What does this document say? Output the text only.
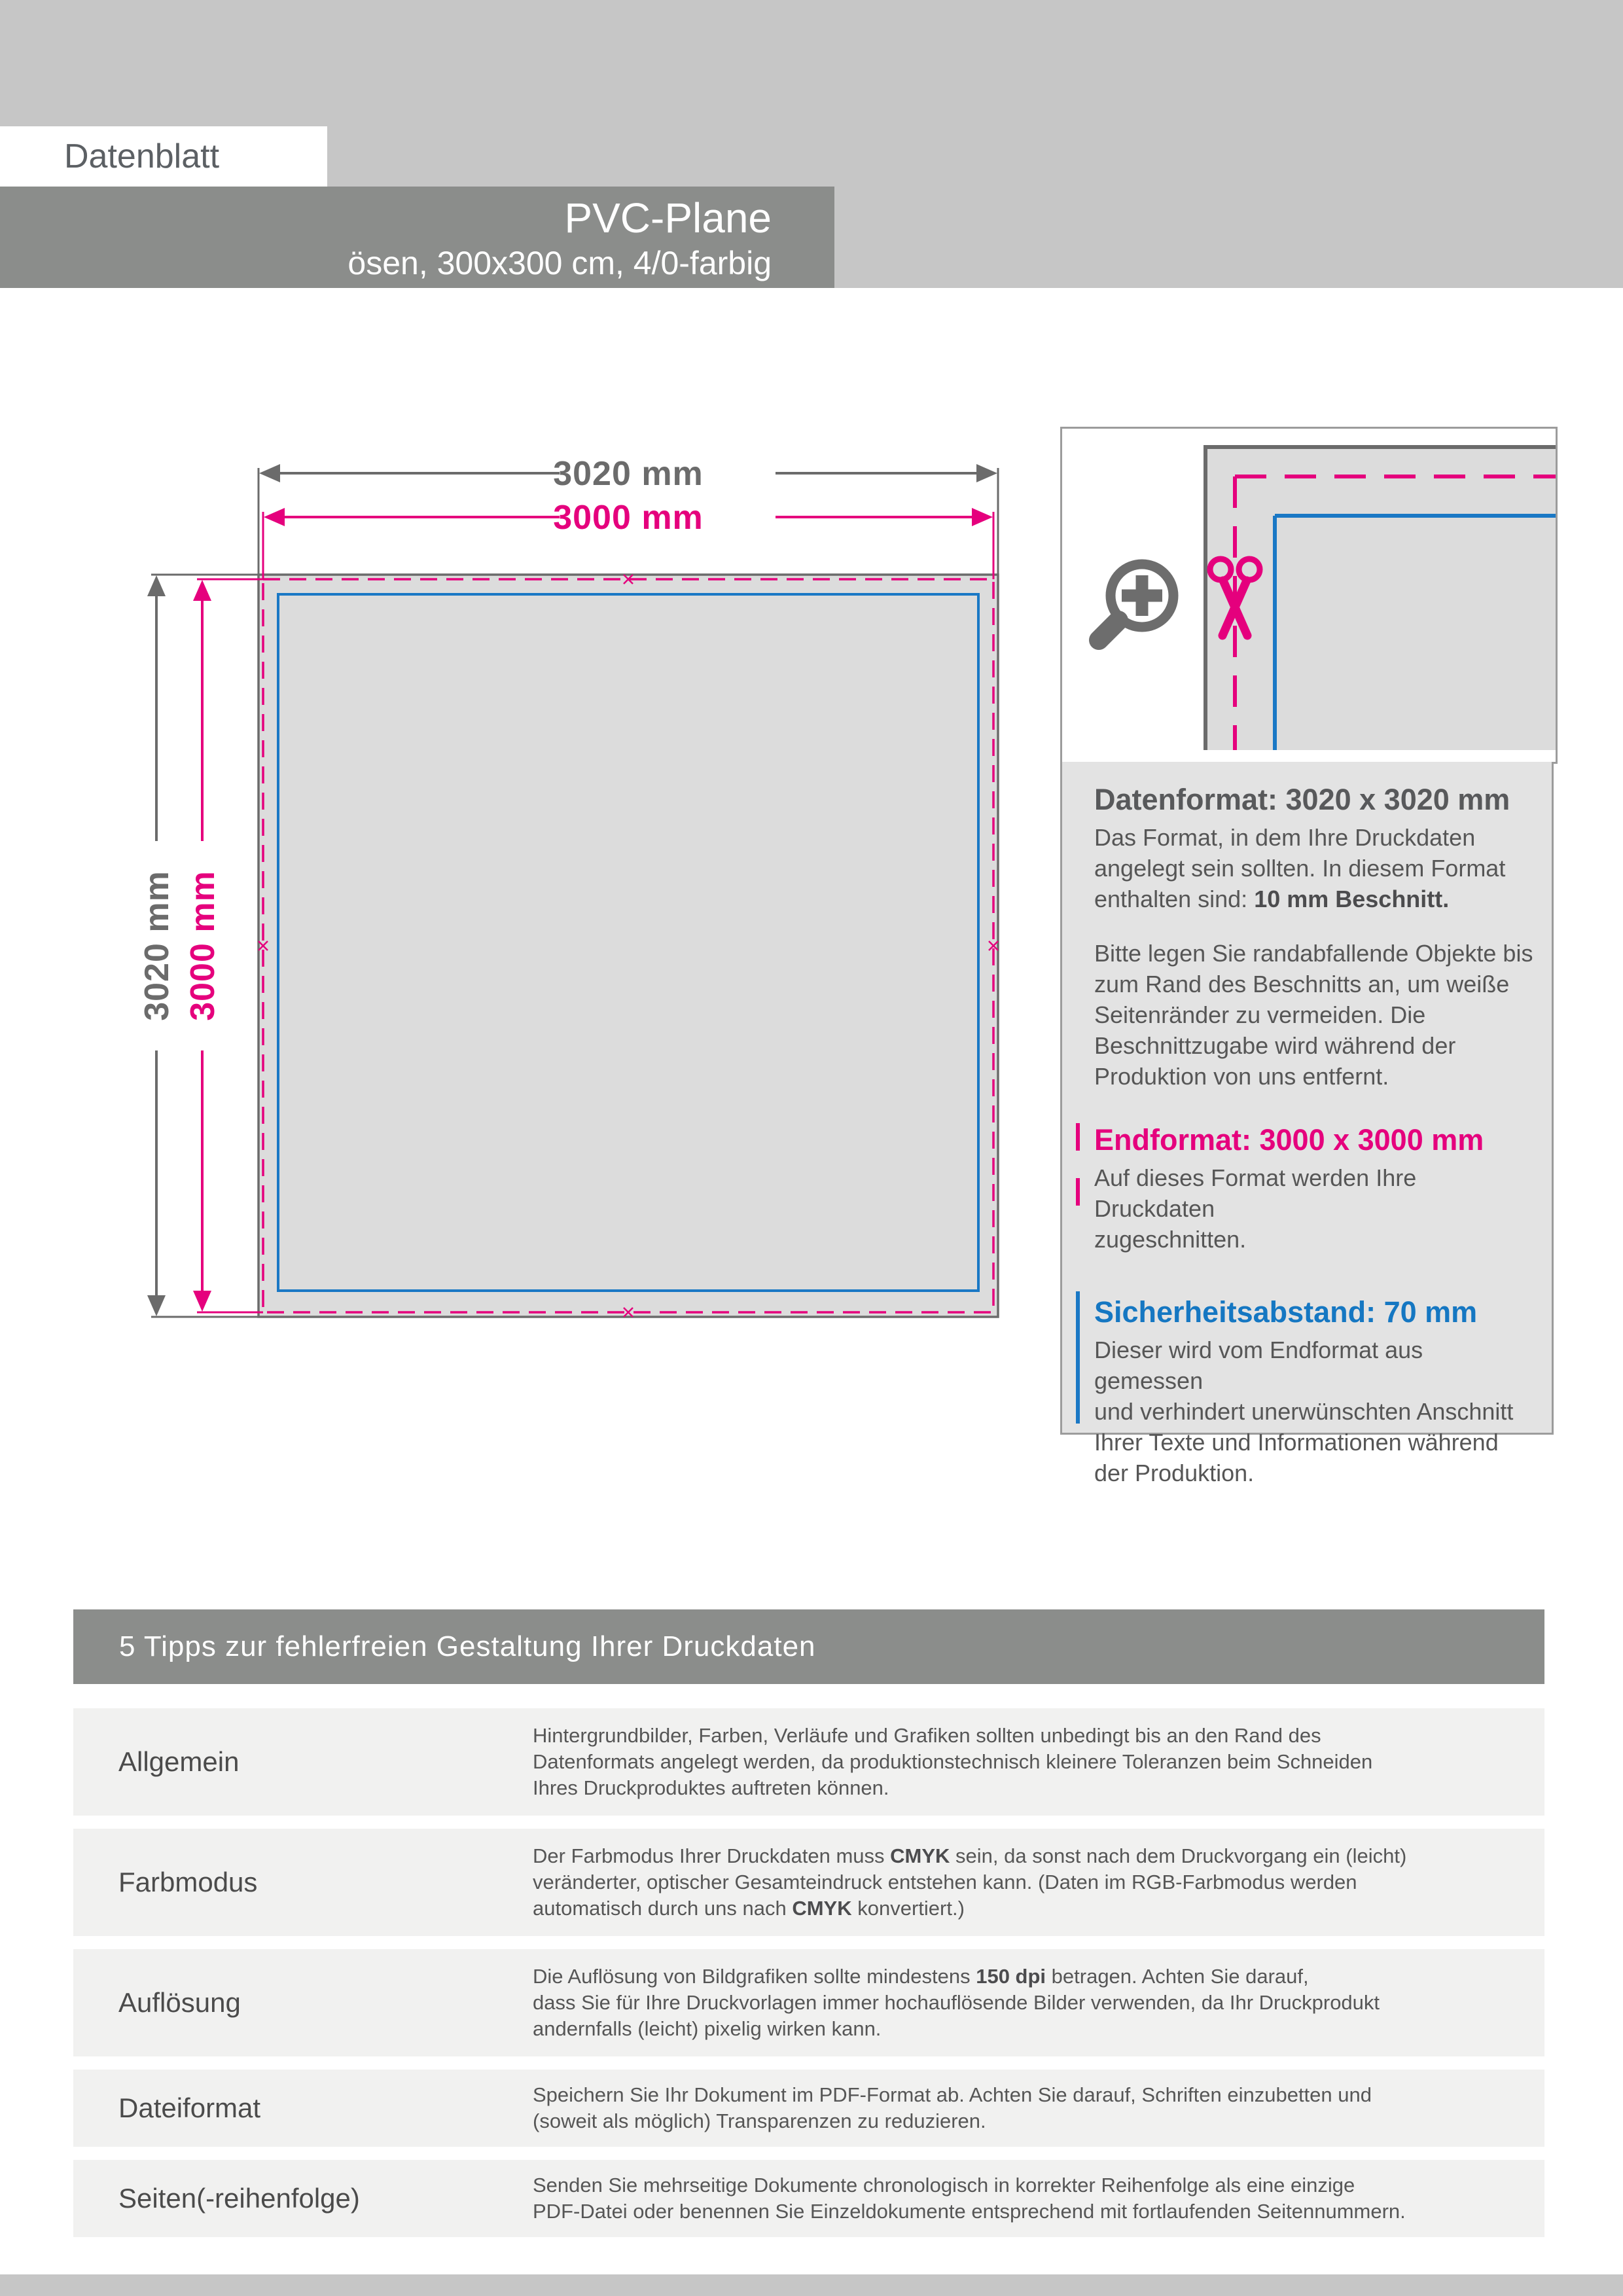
Datenblatt
PVC-Plane
ösen, 300x300 cm, 4/0-farbig
3020 mm
3000 mm
3020 mm 3000 mm
Datenformat: 3020 x 3020 mm
Das Format, in dem Ihre Druckdaten
angelegt sein sollten. In diesem Format
enthalten sind: 10 mm Beschnitt.
Bitte legen Sie randabfallende Objekte bis
zum Rand des Beschnitts an, um weiße
Seitenränder zu vermeiden. Die
Beschnittzugabe wird während der
Produktion von uns entfernt.
Endformat: 3000 x 3000 mm
Auf dieses Format werden Ihre Druckdaten
zugeschnitten.
Sicherheitsabstand: 70 mm
Dieser wird vom Endformat aus gemessen
und verhindert unerwünschten Anschnitt
Ihrer Texte und Informationen während
der Produktion.
5 Tipps zur fehlerfreien Gestaltung Ihrer Druckdaten
Allgemein
Hintergrundbilder, Farben, Verläufe und Grafiken sollten unbedingt bis an den Rand des
Datenformats angelegt werden, da produktionstechnisch kleinere Toleranzen beim Schneiden
Ihres Druckproduktes auftreten können.
Farbmodus
Der Farbmodus Ihrer Druckdaten muss CMYK sein, da sonst nach dem Druckvorgang ein (leicht)
veränderter, optischer Gesamteindruck entstehen kann. (Daten im RGB-Farbmodus werden
automatisch durch uns nach CMYK konvertiert.)
Auflösung
Die Auflösung von Bildgrafiken sollte mindestens 150 dpi betragen. Achten Sie darauf,
dass Sie für Ihre Druckvorlagen immer hochauflösende Bilder verwenden, da Ihr Druckprodukt
andernfalls (leicht) pixelig wirken kann.
Dateiformat	Speichern Sie Ihr Dokument im PDF-Format ab. Achten Sie darauf, Schriften einzubetten und
(soweit als möglich) Transparenzen zu reduzieren.
Seiten(-reihenfolge)	Senden Sie mehrseitige Dokumente chronologisch in korrekter Reihenfolge als eine einzige
PDF-Datei oder benennen Sie Einzeldokumente entsprechend mit fortlaufenden Seitennummern.
